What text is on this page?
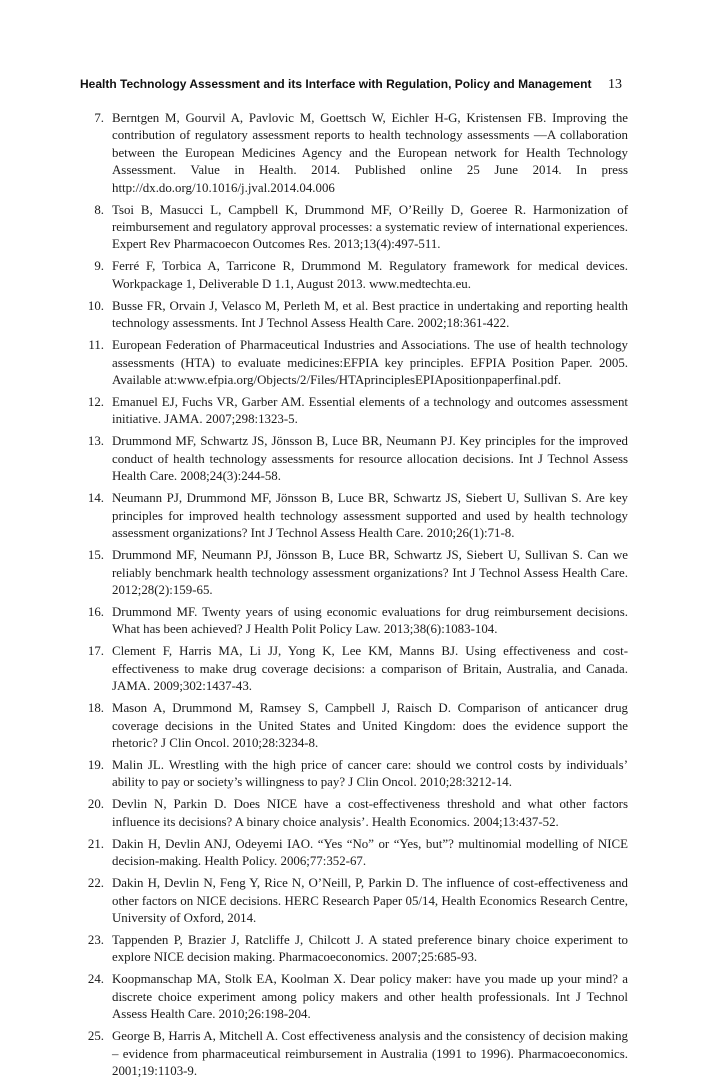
Health Technology Assessment and its Interface with Regulation, Policy and Management 13
7. Berntgen M, Gourvil A, Pavlovic M, Goettsch W, Eichler H-G, Kristensen FB. Improving the contribution of regulatory assessment reports to health technology assessments —A collaboration between the European Medicines Agency and the European network for Health Technology Assessment. Value in Health. 2014. Published online 25 June 2014. In press http://dx.do.org/10.1016/j.jval.2014.04.006
8. Tsoi B, Masucci L, Campbell K, Drummond MF, O’Reilly D, Goeree R. Harmonization of reimbursement and regulatory approval processes: a systematic review of international experiences. Expert Rev Pharmacoecon Outcomes Res. 2013;13(4):497-511.
9. Ferré F, Torbica A, Tarricone R, Drummond M. Regulatory framework for medical devices. Workpackage 1, Deliverable D 1.1, August 2013. www.medtechta.eu.
10. Busse FR, Orvain J, Velasco M, Perleth M, et al. Best practice in undertaking and reporting health technology assessments. Int J Technol Assess Health Care. 2002;18:361-422.
11. European Federation of Pharmaceutical Industries and Associations. The use of health technology assessments (HTA) to evaluate medicines:EFPIA key principles. EFPIA Position Paper. 2005. Available at:www.efpia.org/Objects/2/Files/HTAprinciplesEPIApositionpaperfinal.pdf.
12. Emanuel EJ, Fuchs VR, Garber AM. Essential elements of a technology and outcomes assessment initiative. JAMA. 2007;298:1323-5.
13. Drummond MF, Schwartz JS, Jönsson B, Luce BR, Neumann PJ. Key principles for the improved conduct of health technology assessments for resource allocation decisions. Int J Technol Assess Health Care. 2008;24(3):244-58.
14. Neumann PJ, Drummond MF, Jönsson B, Luce BR, Schwartz JS, Siebert U, Sullivan S. Are key principles for improved health technology assessment supported and used by health technology assessment organizations? Int J Technol Assess Health Care. 2010;26(1):71-8.
15. Drummond MF, Neumann PJ, Jönsson B, Luce BR, Schwartz JS, Siebert U, Sullivan S. Can we reliably benchmark health technology assessment organizations? Int J Technol Assess Health Care. 2012;28(2):159-65.
16. Drummond MF. Twenty years of using economic evaluations for drug reimbursement decisions. What has been achieved? J Health Polit Policy Law. 2013;38(6):1083-104.
17. Clement F, Harris MA, Li JJ, Yong K, Lee KM, Manns BJ. Using effectiveness and cost-effectiveness to make drug coverage decisions: a comparison of Britain, Australia, and Canada. JAMA. 2009;302:1437-43.
18. Mason A, Drummond M, Ramsey S, Campbell J, Raisch D. Comparison of anticancer drug coverage decisions in the United States and United Kingdom: does the evidence support the rhetoric? J Clin Oncol. 2010;28:3234-8.
19. Malin JL. Wrestling with the high price of cancer care: should we control costs by individuals’ ability to pay or society’s willingness to pay? J Clin Oncol. 2010;28:3212-14.
20. Devlin N, Parkin D. Does NICE have a cost-effectiveness threshold and what other factors influence its decisions? A binary choice analysis’. Health Economics. 2004;13:437-52.
21. Dakin H, Devlin ANJ, Odeyemi IAO. “Yes “No” or “Yes, but”? multinomial modelling of NICE decision-making. Health Policy. 2006;77:352-67.
22. Dakin H, Devlin N, Feng Y, Rice N, O’Neill, P, Parkin D. The influence of cost-effectiveness and other factors on NICE decisions. HERC Research Paper 05/14, Health Economics Research Centre, University of Oxford, 2014.
23. Tappenden P, Brazier J, Ratcliffe J, Chilcott J. A stated preference binary choice experiment to explore NICE decision making. Pharmacoeconomics. 2007;25:685-93.
24. Koopmanschap MA, Stolk EA, Koolman X. Dear policy maker: have you made up your mind? a discrete choice experiment among policy makers and other health professionals. Int J Technol Assess Health Care. 2010;26:198-204.
25. George B, Harris A, Mitchell A. Cost effectiveness analysis and the consistency of decision making – evidence from pharmaceutical reimbursement in Australia (1991 to 1996). Pharmacoeconomics. 2001;19:1103-9.
